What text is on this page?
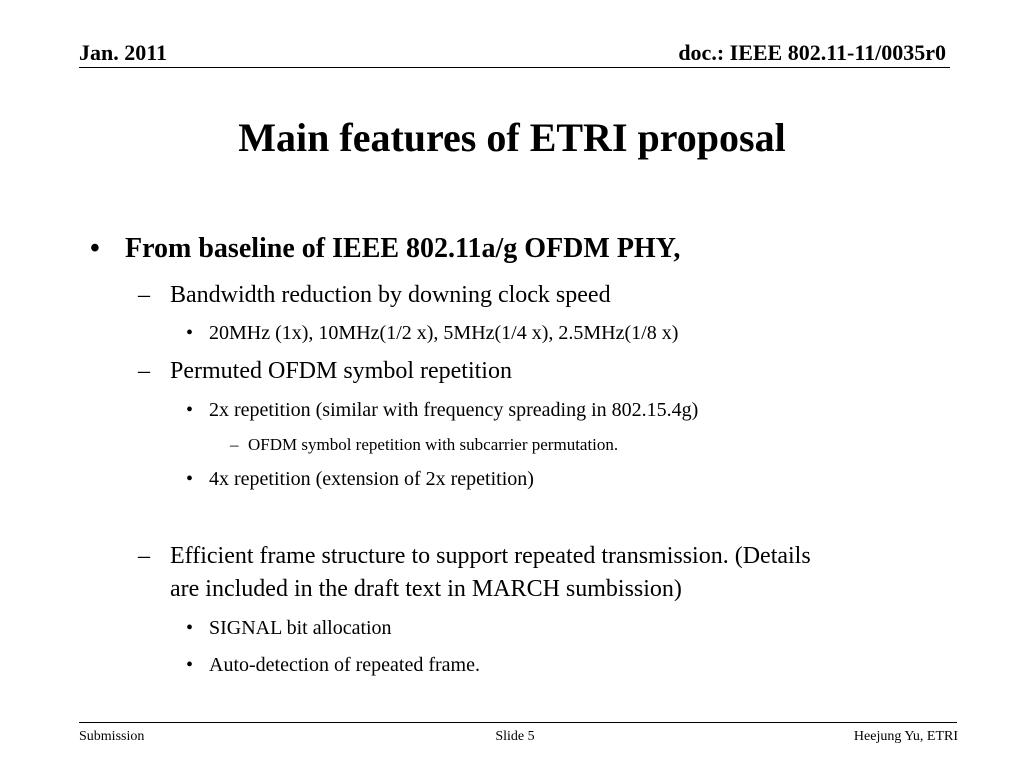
Jan. 2011	doc.: IEEE 802.11-11/0035r0
Main features of ETRI proposal
• From baseline of IEEE 802.11a/g OFDM PHY,
– Bandwidth reduction by downing clock speed
• 20MHz (1x), 10MHz(1/2 x), 5MHz(1/4 x), 2.5MHz(1/8 x)
– Permuted OFDM symbol repetition
• 2x repetition (similar with frequency spreading in 802.15.4g)
– OFDM symbol repetition with subcarrier permutation.
• 4x repetition (extension of 2x repetition)
– Efficient frame structure to support repeated transmission. (Details
are included in the draft text in MARCH sumbission)
• SIGNAL bit allocation
• Auto-detection of repeated frame.
Submission	Slide 5	Heejung Yu, ETRI
